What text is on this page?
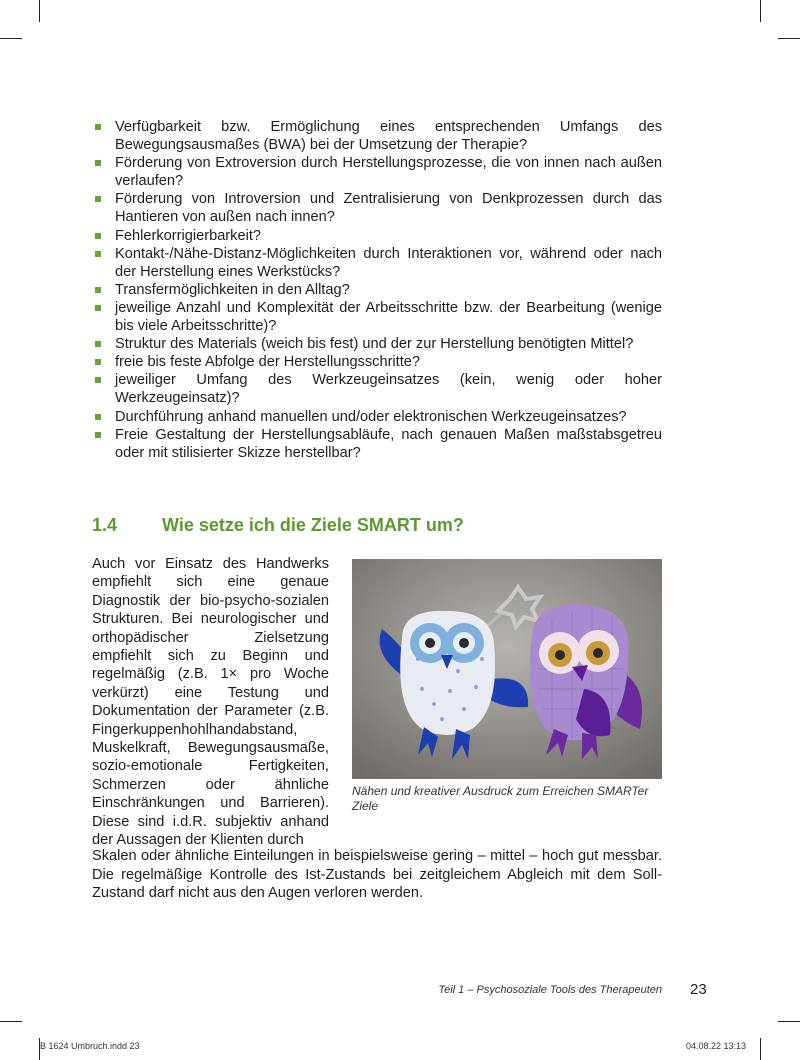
Verfügbarkeit bzw. Ermöglichung eines entsprechenden Umfangs des Bewegungsausmaßes (BWA) bei der Umsetzung der Therapie?
Förderung von Extroversion durch Herstellungsprozesse, die von innen nach außen verlaufen?
Förderung von Introversion und Zentralisierung von Denkprozessen durch das Hantieren von außen nach innen?
Fehlerkorrigierbarkeit?
Kontakt-/Nähe-Distanz-Möglichkeiten durch Interaktionen vor, während oder nach der Herstellung eines Werkstücks?
Transfermöglichkeiten in den Alltag?
jeweilige Anzahl und Komplexität der Arbeitsschritte bzw. der Bearbeitung (wenige bis viele Arbeitsschritte)?
Struktur des Materials (weich bis fest) und der zur Herstellung benötigten Mittel?
freie bis feste Abfolge der Herstellungsschritte?
jeweiliger Umfang des Werkzeugeinsatzes (kein, wenig oder hoher Werkzeugeinsatz)?
Durchführung anhand manuellen und/oder elektronischen Werkzeugeinsatzes?
Freie Gestaltung der Herstellungsabläufe, nach genauen Maßen maßstabsgetreu oder mit stilisierter Skizze herstellbar?
1.4 Wie setze ich die Ziele SMART um?
Auch vor Einsatz des Handwerks empfiehlt sich eine genaue Diagnostik der bio-psycho-sozialen Strukturen. Bei neurologischer und orthopädischer Zielsetzung empfiehlt sich zu Beginn und regelmäßig (z.B. 1× pro Woche verkürzt) eine Testung und Dokumentation der Parameter (z.B. Fingerkuppenhohlhandabstand, Muskelkraft, Bewegungsausmaße, sozio-emotionale Fertigkeiten, Schmerzen oder ähnliche Einschränkungen und Barrieren). Diese sind i.d.R. subjektiv anhand der Aussagen der Klienten durch
Nähen und kreativer Ausdruck zum Erreichen SMARTer Ziele
Skalen oder ähnliche Einteilungen in beispielsweise gering – mittel – hoch gut messbar. Die regelmäßige Kontrolle des Ist-Zustands bei zeitgleichem Abgleich mit dem Soll-Zustand darf nicht aus den Augen verloren werden.
Teil 1 – Psychosoziale Tools des Therapeuten 23
B 1624 Umbruch.indd 23	04.08.22 13:13
